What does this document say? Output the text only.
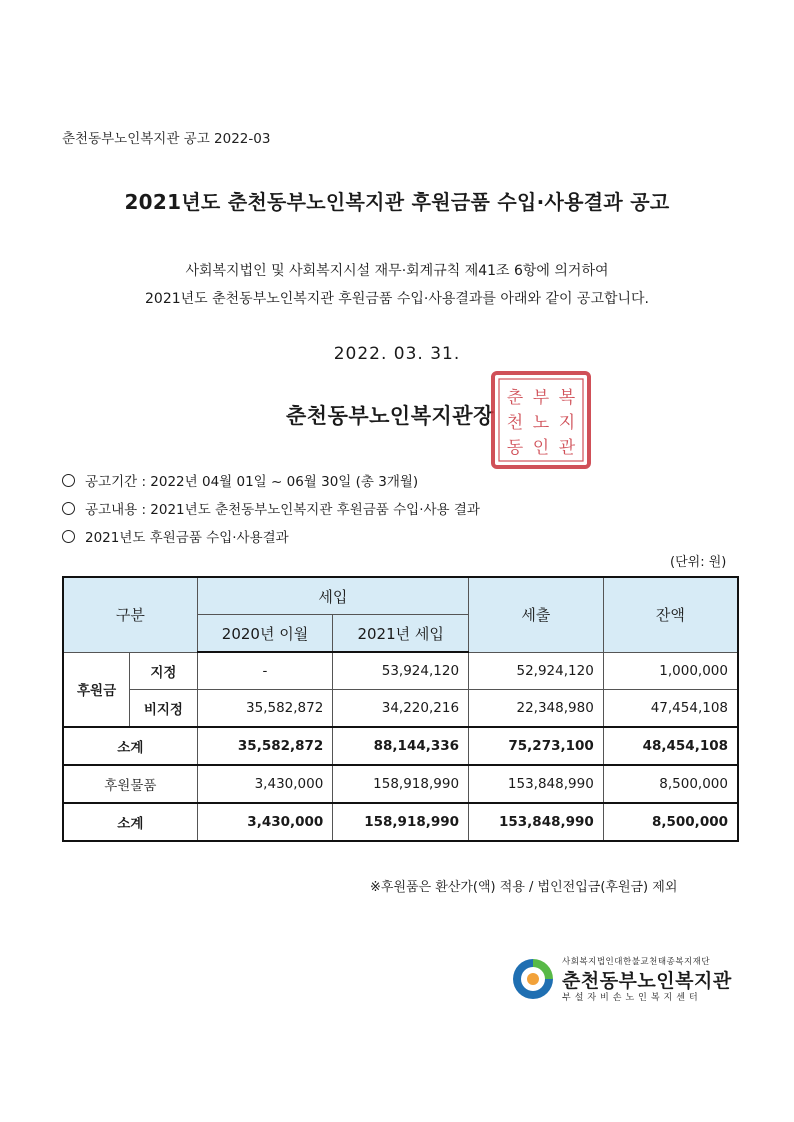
춘천동부노인복지관 공고 2022-03
2021년도 춘천동부노인복지관 후원금품 수입·사용결과 공고
사회복지법인 및 사회복지시설 재무·회계규칙 제41조 6항에 의거하여
2021년도 춘천동부노인복지관 후원금품 수입·사용결과를 아래와 같이 공고합니다.
2022. 03. 31.
춘천동부노인복지관장
춘 부 복
천 노 지
동 인 관
공고기간 : 2022년 04월 01일 ~ 06월 30일 (총 3개월)
공고내용 : 2021년도 춘천동부노인복지관 후원금품 수입·사용 결과
2021년도 후원금품 수입·사용결과
(단위: 원)
구분		세입		세출	잔액
		2020년 이월	2021년 세입		
후원금	지정	-	53,924,120	52,924,120	1,000,000
	비지정	35,582,872	34,220,216	22,348,980	47,454,108
소계		35,582,872	88,144,336	75,273,100	48,454,108
후원물품		3,430,000	158,918,990	153,848,990	8,500,000
소계		3,430,000	158,918,990	153,848,990	8,500,000
※후원품은 환산가(액) 적용 / 법인전입금(후원금) 제외
사회복지법인대한불교천태종복지재단
춘천동부노인복지관
부설자비손노인복지센터
